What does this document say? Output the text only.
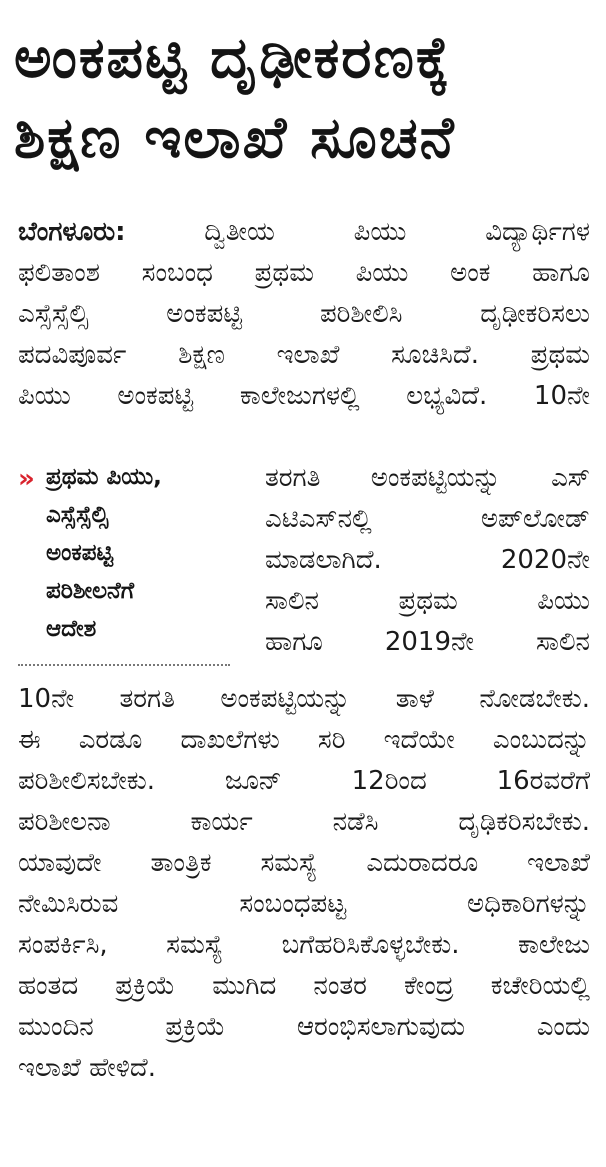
ಅಂಕಪಟ್ಟಿ ದೃಢೀಕರಣಕ್ಕೆ
ಶಿಕ್ಷಣ ಇಲಾಖೆ ಸೂಚನೆ
ಬೆಂಗಳೂರು: ದ್ವಿತೀಯ ಪಿಯು ವಿದ್ಯಾರ್ಥಿಗಳ
ಫಲಿತಾಂಶ ಸಂಬಂಧ ಪ್ರಥಮ ಪಿಯು ಅಂಕ ಹಾಗೂ
ಎಸ್ಸೆಸ್ಸೆಲ್ಸಿ ಅಂಕಪಟ್ಟಿ ಪರಿಶೀಲಿಸಿ ದೃಢೀಕರಿಸಲು
ಪದವಿಪೂರ್ವ ಶಿಕ್ಷಣ ಇಲಾಖೆ ಸೂಚಿಸಿದೆ. ಪ್ರಥಮ
ಪಿಯು ಅಂಕಪಟ್ಟಿ ಕಾಲೇಜುಗಳಲ್ಲಿ ಲಭ್ಯವಿದೆ. 10ನೇ
» ಪ್ರಥಮ ಪಿಯು,
ಎಸ್ಸೆಸ್ಸೆಲ್ಸಿ
ಅಂಕಪಟ್ಟಿ
ಪರಿಶೀಲನೆಗೆ
ಆದೇಶ
ತರಗತಿ ಅಂಕಪಟ್ಟಿಯನ್ನು ಎಸ್
ಎಟಿಎಸ್‌ನಲ್ಲಿ ಅಪ್‌ಲೋಡ್
ಮಾಡಲಾಗಿದೆ. 2020ನೇ
ಸಾಲಿನ ಪ್ರಥಮ ಪಿಯು
ಹಾಗೂ 2019ನೇ ಸಾಲಿನ
10ನೇ ತರಗತಿ ಅಂಕಪಟ್ಟಿಯನ್ನು ತಾಳೆ ನೋಡಬೇಕು.
ಈ ಎರಡೂ ದಾಖಲೆಗಳು ಸರಿ ಇದೆಯೇ ಎಂಬುದನ್ನು
ಪರಿಶೀಲಿಸಬೇಕು. ಜೂನ್ 12ರಿಂದ 16ರವರೆಗೆ
ಪರಿಶೀಲನಾ ಕಾರ್ಯ ನಡೆಸಿ ದೃಢಿಕರಿಸಬೇಕು.
ಯಾವುದೇ ತಾಂತ್ರಿಕ ಸಮಸ್ಯೆ ಎದುರಾದರೂ ಇಲಾಖೆ
ನೇಮಿಸಿರುವ ಸಂಬಂಧಪಟ್ಟ ಅಧಿಕಾರಿಗಳನ್ನು
ಸಂಪರ್ಕಿಸಿ, ಸಮಸ್ಯೆ ಬಗೆಹರಿಸಿಕೊಳ್ಳಬೇಕು. ಕಾಲೇಜು
ಹಂತದ ಪ್ರಕ್ರಿಯೆ ಮುಗಿದ ನಂತರ ಕೇಂದ್ರ ಕಚೇರಿಯಲ್ಲಿ
ಮುಂದಿನ ಪ್ರಕ್ರಿಯೆ ಆರಂಭಿಸಲಾಗುವುದು ಎಂದು
ಇಲಾಖೆ ಹೇಳಿದೆ.
